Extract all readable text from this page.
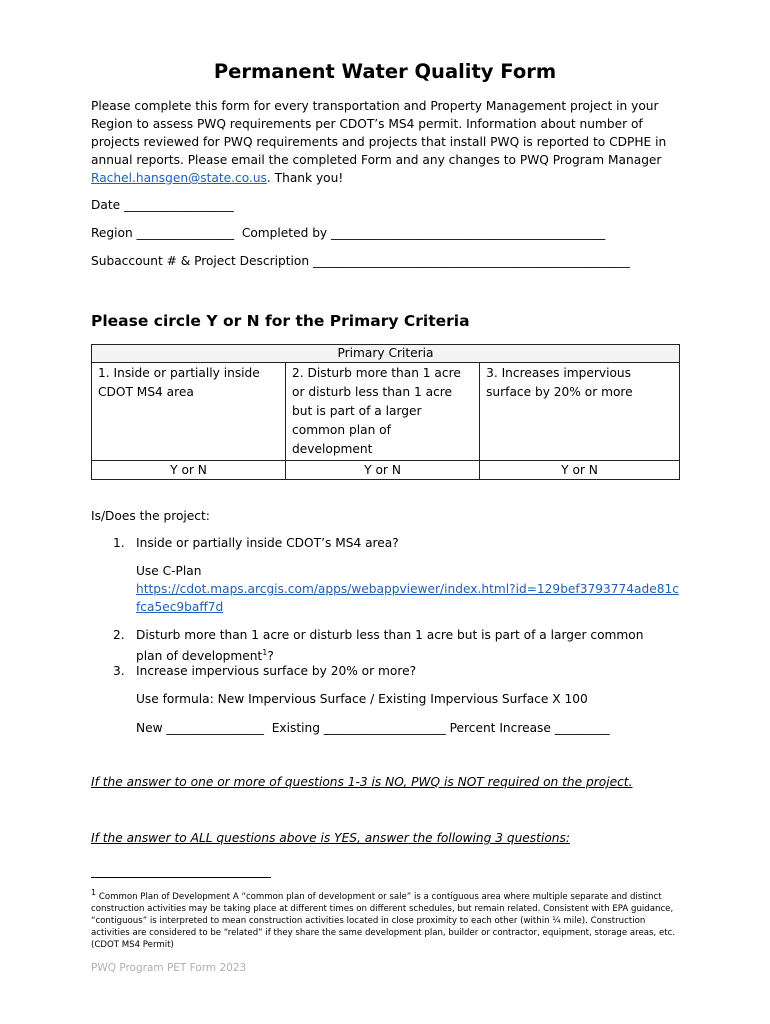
Permanent Water Quality Form
Please complete this form for every transportation and Property Management project in your Region to assess PWQ requirements per CDOT’s MS4 permit. Information about number of projects reviewed for PWQ requirements and projects that install PWQ is reported to CDPHE in annual reports. Please email the completed Form and any changes to PWQ Program Manager Rachel.hansgen@state.co.us. Thank you!
Date __________________
Region ________________  Completed by _____________________________________________
Subaccount # & Project Description ____________________________________________________
Please circle Y or N for the Primary Criteria
Primary Criteria		
1. Inside or partially inside CDOT MS4 area	2. Disturb more than 1 acre or disturb less than 1 acre but is part of a larger common plan of development	3. Increases impervious surface by 20% or more
Y or N	Y or N	Y or N
Is/Does the project:
1. Inside or partially inside CDOT’s MS4 area?
Use C-Plan
https://cdot.maps.arcgis.com/apps/webappviewer/index.html?id=129bef3793774ade81cfca5ec9baff7d
2. Disturb more than 1 acre or disturb less than 1 acre but is part of a larger common plan of development$^1$?
3. Increase impervious surface by 20% or more?
Use formula: New Impervious Surface / Existing Impervious Surface X 100
New ________________  Existing ____________________ Percent Increase _________
If the answer to one or more of questions 1-3 is NO, PWQ is NOT required on the project.
If the answer to ALL questions above is YES, answer the following 3 questions:
$^1$ Common Plan of Development A “common plan of development or sale” is a contiguous area where multiple separate and distinct construction activities may be taking place at different times on different schedules, but remain related. Consistent with EPA guidance, “contiguous” is interpreted to mean construction activities located in close proximity to each other (within ¼ mile). Construction activities are considered to be “related” if they share the same development plan, builder or contractor, equipment, storage areas, etc. (CDOT MS4 Permit)
PWQ Program PET Form 2023
